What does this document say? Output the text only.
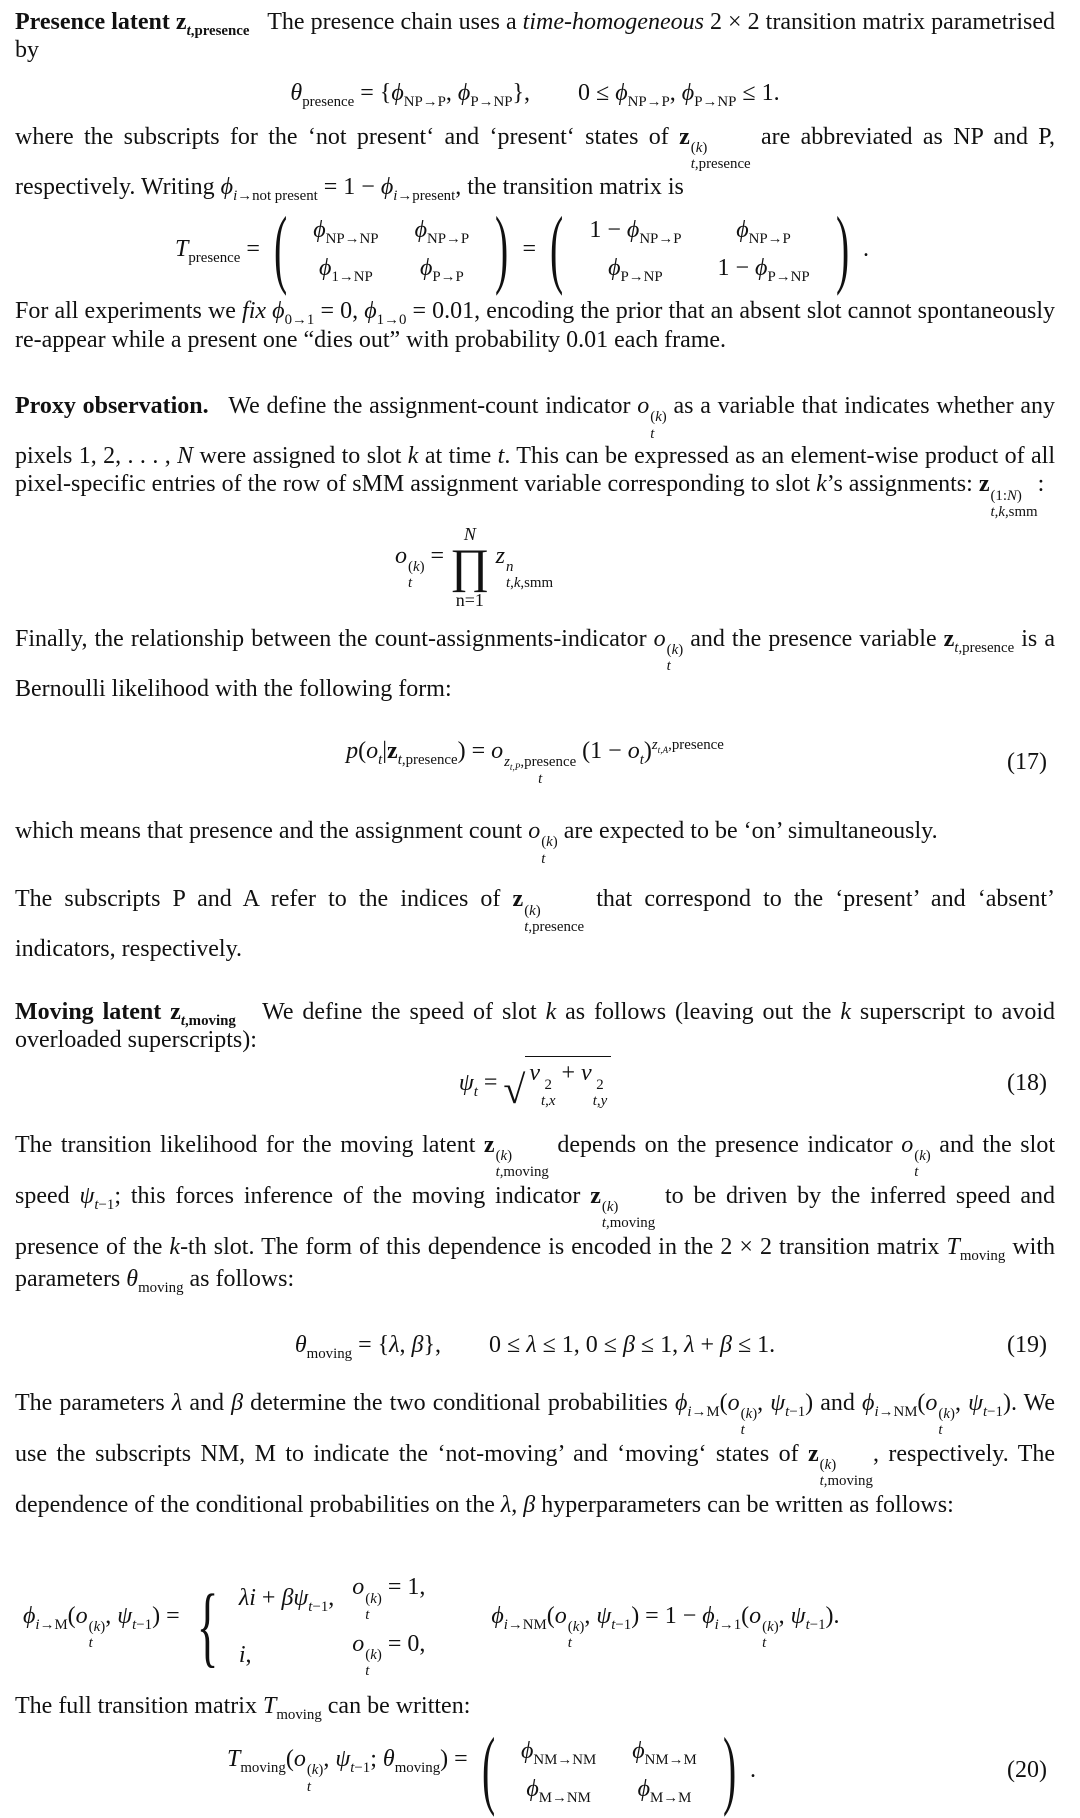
Presence latent $z_{t,presence}$   The presence chain uses a time-homogeneous 2 × 2 transition matrix parametrised by

$\theta_{presence} = \{\phi_{NP\to P}$, $\phi_{P\to NP}$},        $0 \le \phi_{NP\to P}$, $\phi_{P\to NP} \le 1$.

where the subscripts for the ‘not present‘ and ‘present‘ states of z (k)
t,presence
are abbreviated as NP and P, respectively. Writing $\phi_{i\to not present} = 1 - \phi_{i\to present}$, the transition matrix is

$T_{presence}$ = ( $\phi_{NP\to NP}$	$\phi_{NP\to P}$
$\phi_{1\to NP}$	$\phi_{P\to P}$ ) = ( $1 - \phi_{NP\to P}$	$\phi_{NP\to P}$
$\phi_{P\to NP}$	$1 - \phi_{P\to NP}$ ) .

For all experiments we fix $\phi_{0\to 1} = 0$, $\phi_{1\to 0} = 0.01$, encoding the prior that an absent slot cannot spontaneously re-appear while a present one “dies out” with probability 0.01 each frame.

Proxy observation.   We define the assignment-count indicator o (k)
t
as a variable that indicates whether any pixels 1, 2, . . . , N were assigned to slot k at time t. This can be expressed as an element-wise product of all pixel-specific entries of the row of sMM assignment variable corresponding to slot k’s assignments: z (1:N)
t,k,smm
:

o (k)
t
=
N
∏
n=1
z n
t,k,smm

Finally, the relationship between the count-assignments-indicator o (k)
t
and the presence variable $z_{t,presence}$ is a Bernoulli likelihood with the following form:

$p(o_t|z_{t,presence}) = o$ $z_{t,P},presence$
t
$(1 - o_t)^{z_{t,A},presence}$
(17)

which means that presence and the assignment count o (k)
t
are expected to be ‘on’ simultaneously.

The subscripts P and A refer to the indices of z (k)
t,presence
that correspond to the ‘present’ and ‘absent’ indicators, respectively.

Moving latent $z_{t,moving}$   We define the speed of slot k as follows (leaving out the k superscript to avoid overloaded superscripts):

$\psi_t$ = √ v 2
t,x
+ v 2
t,y
(18)

The transition likelihood for the moving latent z (k)
t,moving
depends on the presence indicator o (k)
t
and the slot speed $\psi_{t-1}$; this forces inference of the moving indicator z (k)
t,moving
to be driven by the inferred speed and presence of the k-th slot. The form of this dependence is encoded in the 2 × 2 transition matrix $T_{moving}$ with parameters $\theta_{moving}$ as follows:

$\theta_{moving} = \{\lambda$, β},        0 ≤ λ ≤ 1, 0 ≤ β ≤ 1, λ + β ≤ 1.	(19)

The parameters λ and β determine the two conditional probabilities $\phi_{i\to M}(o$ (k)
t
, $\psi_{t-1}$) and $\phi_{i\to NM}(o$ (k)
t
, $\psi_{t-1}$). We use the subscripts NM, M to indicate the ‘not-moving’ and ‘moving‘ states of z (k)
t,moving
, respectively. The dependence of the conditional probabilities on the λ, β hyperparameters can be written as follows:

$\phi_{i\to M}(o$ (k)
t
, $\psi_{t-1}$) = { $\lambda i + \beta\psi_{t-1}$,	o (k)
t
= 1,
i,	o (k)
t
= 0,
$\phi_{i\to NM}(o$ (k)
t
, $\psi_{t-1}) = 1 - \phi_{i\to 1}(o$ (k)
t
, $\psi_{t-1}$).

The full transition matrix $T_{moving}$ can be written:

$T_{moving}(o$ (k)
t
, $\psi_{t-1}$; $\theta_{moving}$) = ( $\phi_{NM\to NM}$	$\phi_{NM\to M}$
$\phi_{M\to NM}$	$\phi_{M\to M}$ ) .	(20)
